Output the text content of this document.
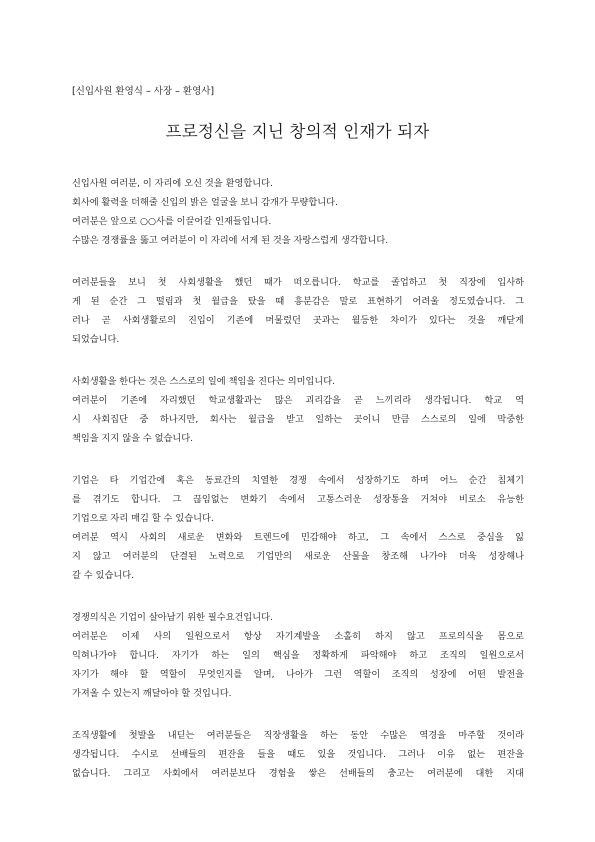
[신입사원 환영식 – 사장 – 환영사]
프로정신을 지닌 창의적 인재가 되자
신입사원 여러분, 이 자리에 오신 것을 환영합니다.
회사에 활력을 더해줄 신입의 밝은 얼굴을 보니 감개가 무량합니다.
여러분은 앞으로 ○○사를 이끌어갈 인재들입니다.
수많은 경쟁률을 뚫고 여러분이 이 자리에 서게 된 것을 자랑스럽게 생각합니다.
여러분들을 보니 첫 사회생활을 했던 때가 떠오릅니다. 학교를 졸업하고 첫 직장에 입사하
게 된 순간 그 떨림과 첫 월급을 탔을 때 흥분감은 말로 표현하기 어려울 정도였습니다. 그
러나 곧 사회생활로의 진입이 기존에 머물렀던 곳과는 월등한 차이가 있다는 것을 깨닫게
되었습니다.
사회생활을 한다는 것은 스스로의 일에 책임을 진다는 의미입니다.
여러분이 기존에 자리했던 학교생활과는 많은 괴리감을 곧 느끼리라 생각됩니다. 학교 역
시 사회집단 중 하나지만, 회사는 월급을 받고 일하는 곳이니 만큼 스스로의 일에 막중한
책임을 지지 않을 수 없습니다.
기업은 타 기업간에 혹은 동료간의 치열한 경쟁 속에서 성장하기도 하며 어느 순간 침체기
를 겪기도 합니다. 그 끊임없는 변화기 속에서 고통스러운 성장통을 거쳐야 비로소 유능한
기업으로 자리 매김 할 수 있습니다.
여러분 역시 사회의 새로운 변화와 트렌드에 민감해야 하고, 그 속에서 스스로 중심을 잃
지 않고 여러분의 단결된 노력으로 기업만의 새로운 산물을 창조해 나가야 더욱 성장해나
갈 수 있습니다.
경쟁의식은 기업이 살아남기 위한 필수요건입니다.
여러분은 이제 사의 일원으로서 항상 자기계발을 소홀히 하지 않고 프로의식을 몸으로
익혀나가야 합니다. 자기가 하는 일의 핵심을 정확하게 파악해야 하고 조직의 일원으로서
자기가 해야 할 역할이 무엇인지를 알며, 나아가 그런 역할이 조직의 성장에 어떤 발전을
가져올 수 있는지 깨달아야 할 것입니다.
조직생활에 첫발을 내딛는 여러분들은 직장생활을 하는 동안 수많은 역경을 마주할 것이라
생각됩니다. 수시로 선배들의 편잔을 들을 때도 있을 것입니다. 그러나 이유 없는 편잔을
없습니다. 그리고 사회에서 여러분보다 경험을 쌓은 선배들의 충고는 여러분에 대한 지대
